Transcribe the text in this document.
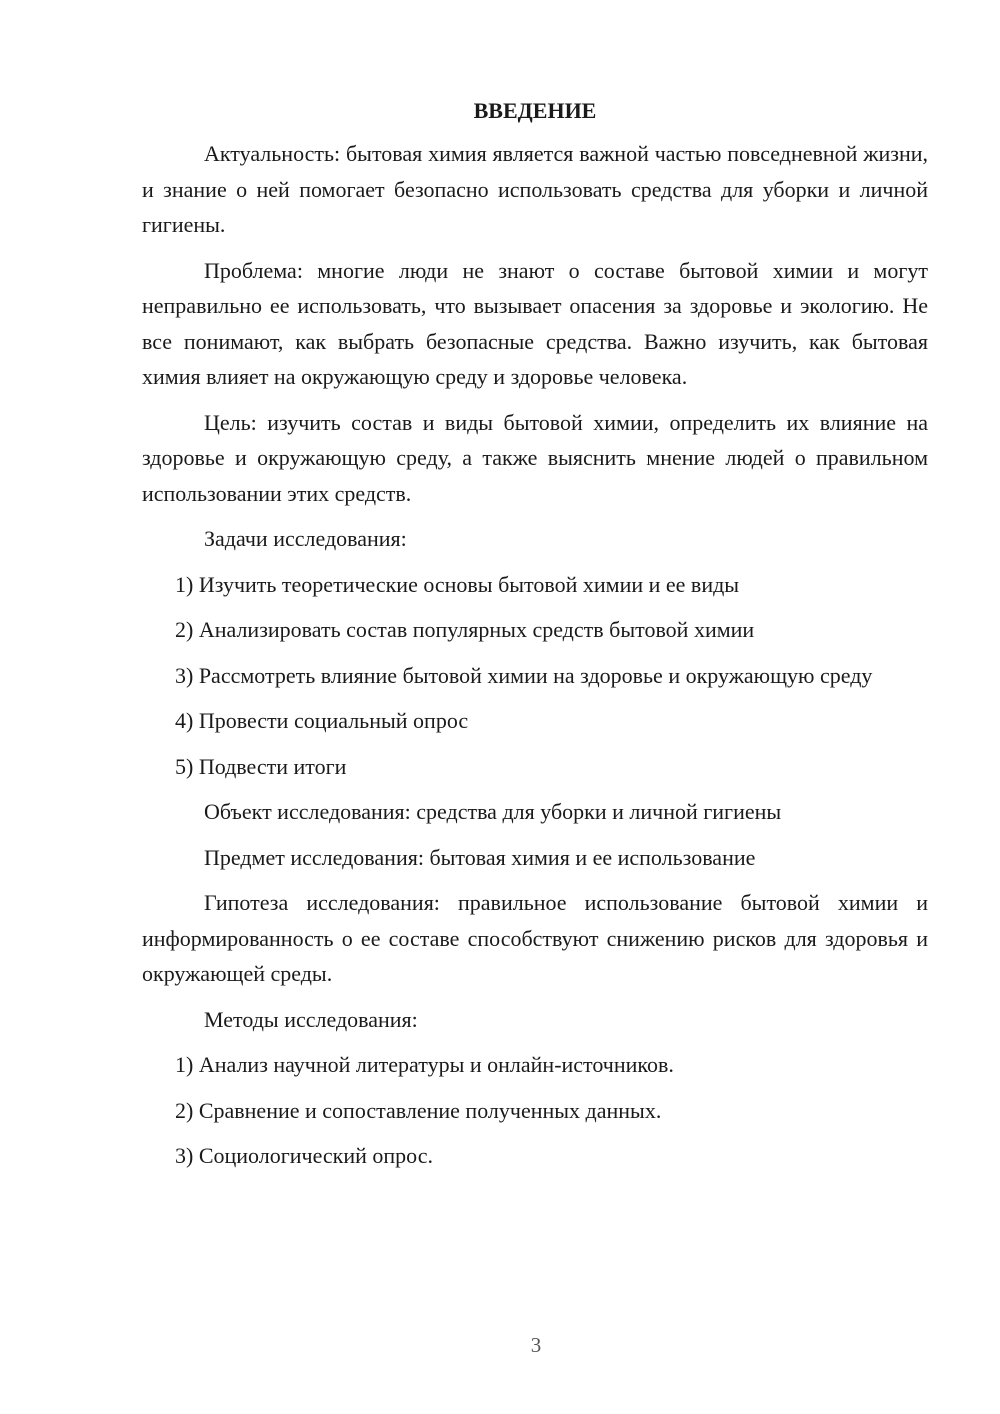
ВВЕДЕНИЕ

Актуальность: бытовая химия является важной частью повседневной жизни, и знание о ней помогает безопасно использовать средства для уборки и личной гигиены.

Проблема: многие люди не знают о составе бытовой химии и могут неправильно ее использовать, что вызывает опасения за здоровье и экологию. Не все понимают, как выбрать безопасные средства. Важно изучить, как бытовая химия влияет на окружающую среду и здоровье человека.

Цель: изучить состав и виды бытовой химии, определить их влияние на здоровье и окружающую среду, а также выяснить мнение людей о правильном использовании этих средств.

Задачи исследования:

1) Изучить теоретические основы бытовой химии и ее виды

2) Анализировать состав популярных средств бытовой химии

3) Рассмотреть влияние бытовой химии на здоровье и окружающую среду

4) Провести социальный опрос

5) Подвести итоги

Объект исследования: средства для уборки и личной гигиены

Предмет исследования: бытовая химия и ее использование

Гипотеза исследования: правильное использование бытовой химии и информированность о ее составе способствуют снижению рисков для здоровья и окружающей среды.

Методы исследования:

1) Анализ научной литературы и онлайн-источников.

2) Сравнение и сопоставление полученных данных.

3) Социологический опрос.

3
